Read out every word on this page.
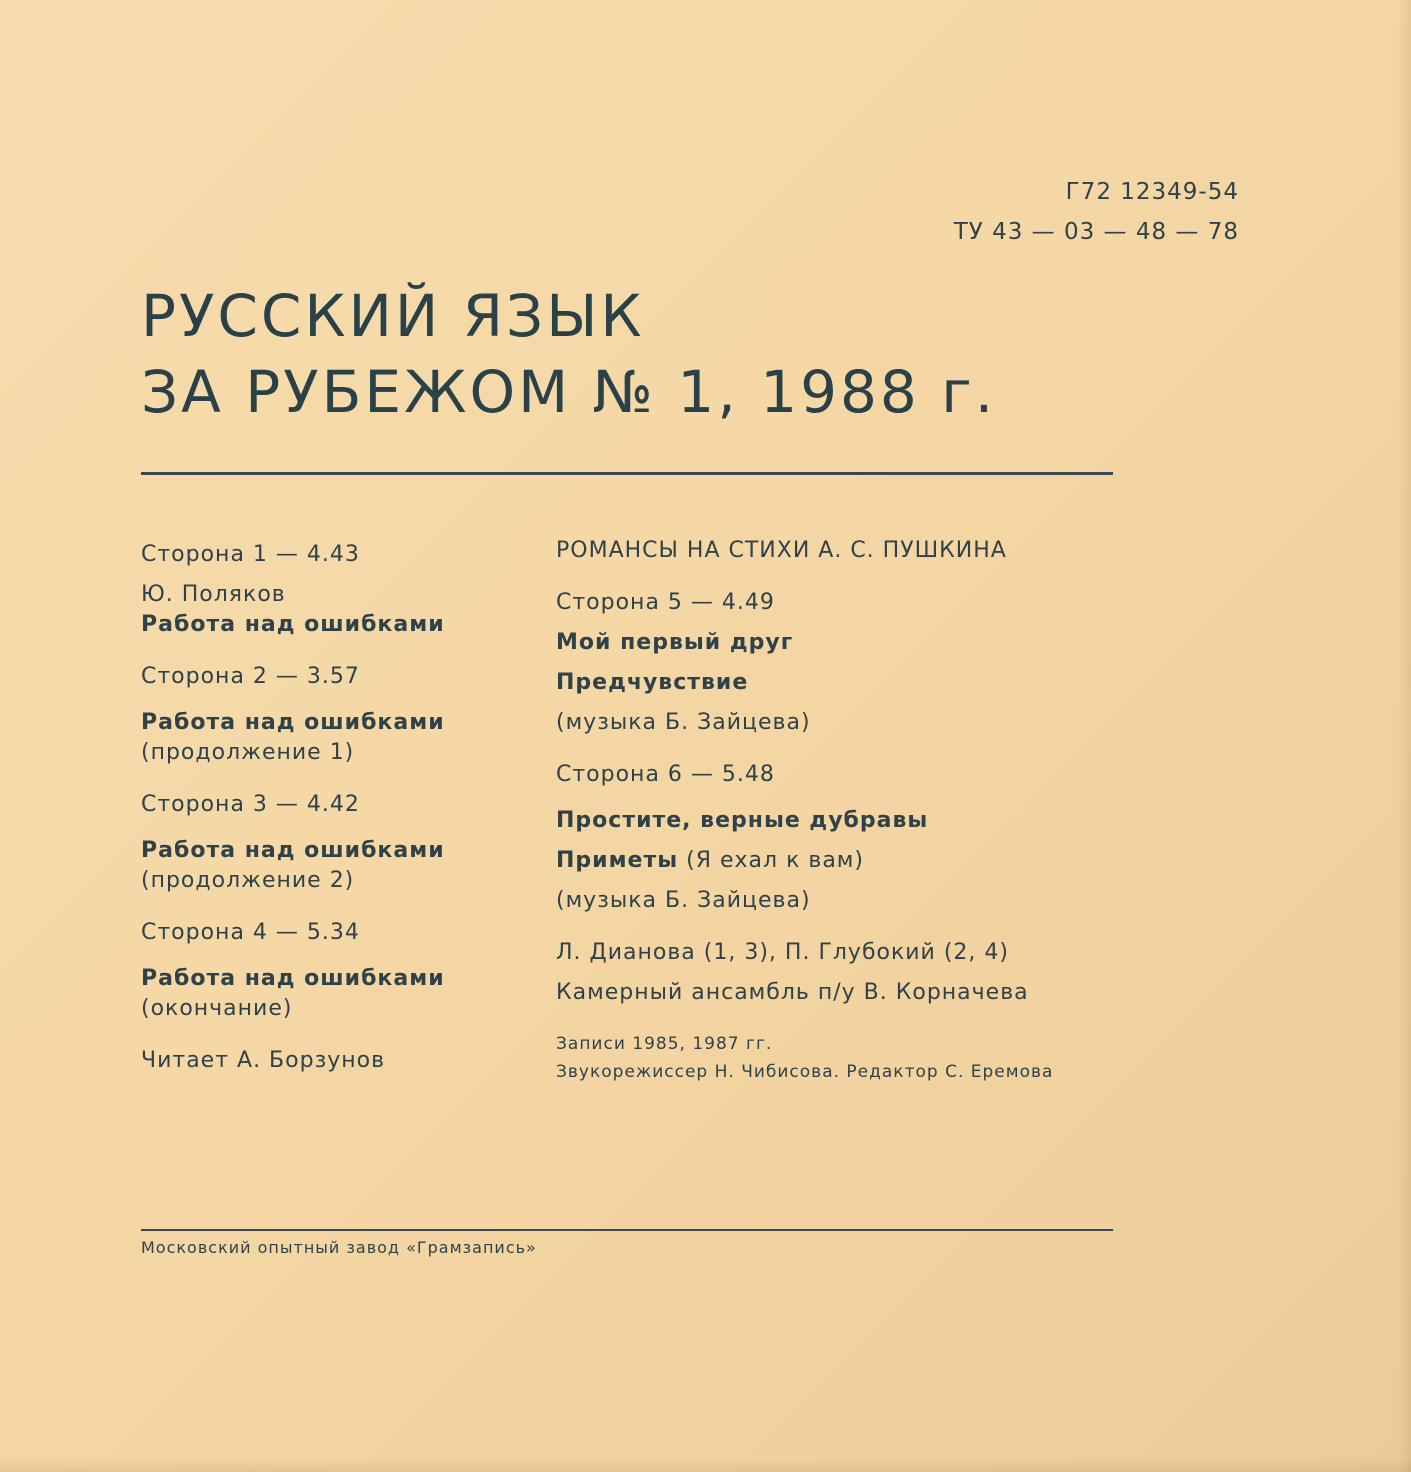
Г72 12349-54
ТУ 43 — 03 — 48 — 78
РУССКИЙ ЯЗЫК
ЗА РУБЕЖОМ № 1, 1988 г.
Сторона 1 — 4.43
Ю. Поляков
Работа над ошибками
Сторона 2 — 3.57
Работа над ошибками
(продолжение 1)
Сторона 3 — 4.42
Работа над ошибками
(продолжение 2)
Сторона 4 — 5.34
Работа над ошибками
(окончание)
Читает А. Борзунов
РОМАНСЫ НА СТИХИ А. С. ПУШКИНА
Сторона 5 — 4.49
Мой первый друг
Предчувствие
(музыка Б. Зайцева)
Сторона 6 — 5.48
Простите, верные дубравы
Приметы (Я ехал к вам)
(музыка Б. Зайцева)
Л. Дианова (1, 3), П. Глубокий (2, 4)
Камерный ансамбль п/у В. Корначева
Записи 1985, 1987 гг.
Звукорежиссер Н. Чибисова. Редактор С. Еремова
Московский опытный завод «Грамзапись»
